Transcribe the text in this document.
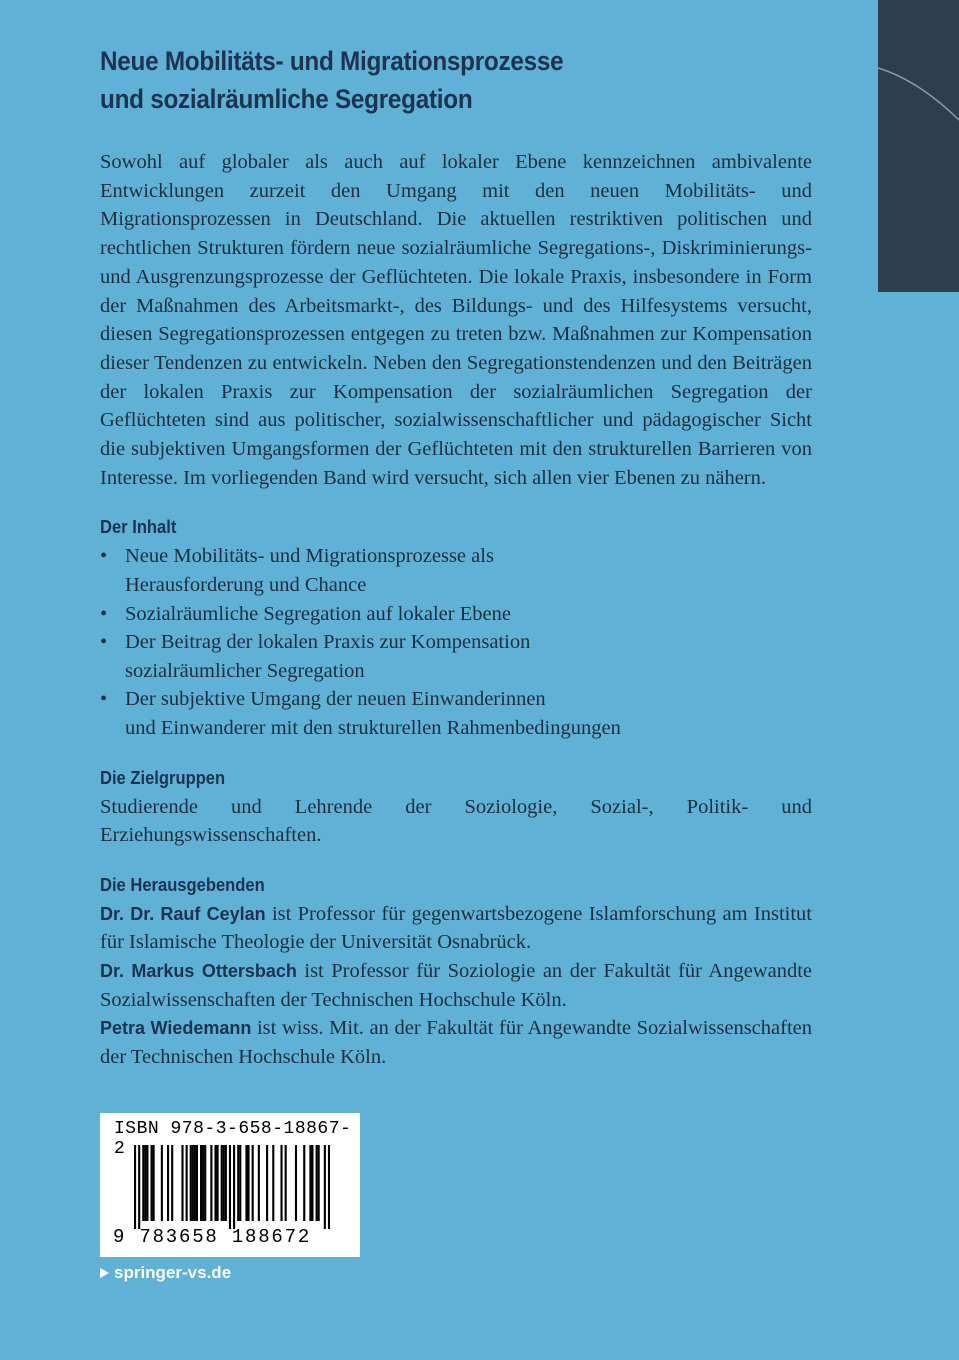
Neue Mobilitäts- und Migrationsprozesse
und sozialräumliche Segregation

Sowohl auf globaler als auch auf lokaler Ebene kennzeichnen ambivalente Entwicklungen zurzeit den Umgang mit den neuen Mobilitäts- und Migrationsprozessen in Deutschland. Die aktuellen restriktiven politischen und rechtlichen Strukturen fördern neue sozialräumliche Segregations-, Diskriminierungs- und Ausgrenzungsprozesse der Geflüchteten. Die lokale Praxis, insbesondere in Form der Maßnahmen des Arbeitsmarkt-, des Bildungs- und des Hilfesystems versucht, diesen Segregationsprozessen entgegen zu treten bzw. Maßnahmen zur Kompensation dieser Tendenzen zu entwickeln. Neben den Segregationstendenzen und den Beiträgen der lokalen Praxis zur Kompensation der sozialräumlichen Segregation der Geflüchteten sind aus politischer, sozialwissenschaftlicher und pädagogischer Sicht die subjektiven Umgangsformen der Geflüchteten mit den strukturellen Barrieren von Interesse. Im vorliegenden Band wird versucht, sich allen vier Ebenen zu nähern.

Der Inhalt
• Neue Mobilitäts- und Migrationsprozesse als
Herausforderung und Chance
• Sozialräumliche Segregation auf lokaler Ebene
• Der Beitrag der lokalen Praxis zur Kompensation
sozialräumlicher Segregation
• Der subjektive Umgang der neuen Einwanderinnen
und Einwanderer mit den strukturellen Rahmenbedingungen
Die Zielgruppen

Studierende und Lehrende der Soziologie, Sozial-, Politik- und Erziehungswissenschaften.

Die Herausgebenden

Dr. Dr. Rauf Ceylan ist Professor für gegenwartsbezogene Islamforschung am Institut für Islamische Theologie der Universität Osnabrück.

Dr. Markus Ottersbach ist Professor für Soziologie an der Fakultät für Angewandte Sozialwissenschaften der Technischen Hochschule Köln.

Petra Wiedemann ist wiss. Mit. an der Fakultät für Angewandte Sozialwissenschaften der Technischen Hochschule Köln.

ISBN 978-3-658-18867-2
9 783658 188672
springer-vs.de
